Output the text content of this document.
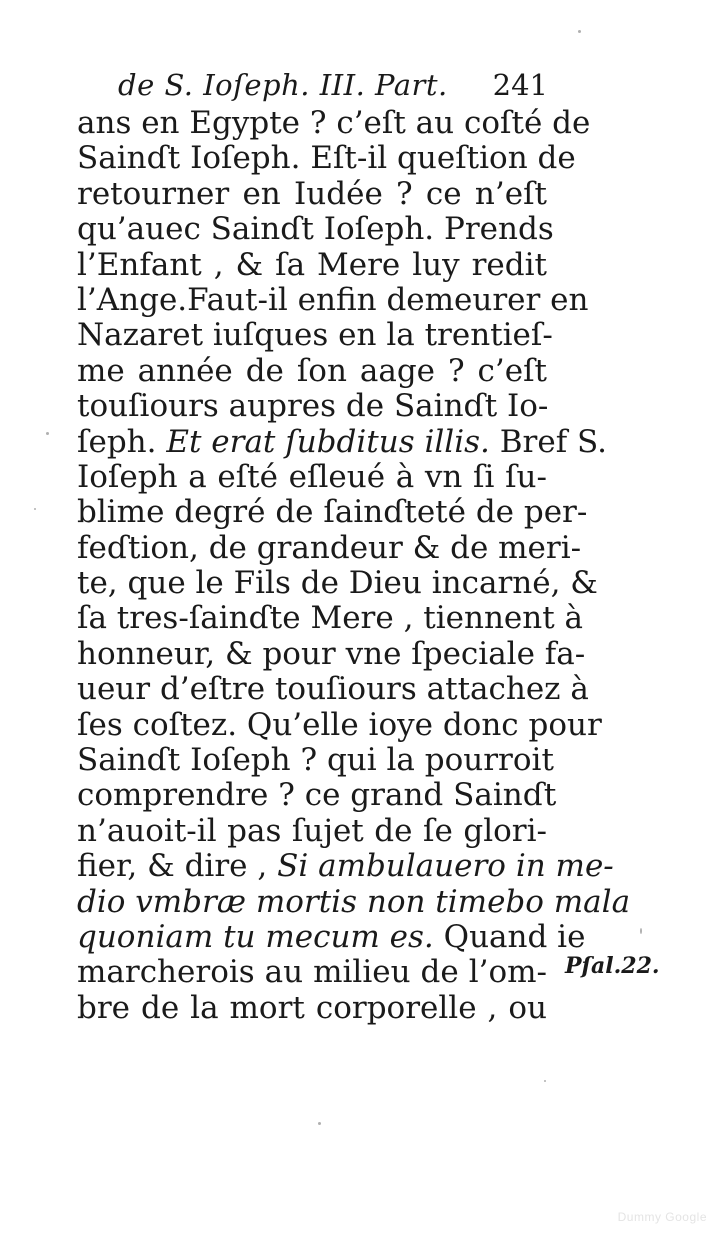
de S. Ioſeph. III. Part. 241
ans en Egypte ? c’eſt au coſté de
Sainɗt Ioſeph. Eſt-il queſtion de
retourner en Iudée ? ce n’eſt
qu’auec Sainɗt Ioſeph. Prends
l’Enfant , & ſa Mere luy redit
l’Ange.Faut-il enfin demeurer en
Nazaret iuſques en la trentieſ-
me année de ſon aage ? c’eſt
touſiours aupres de Sainɗt Io-
ſeph. Et erat ſubditus illis. Bref S.
Ioſeph a eſté eſleué à vn ſi ſu-
blime degré de ſainɗteté de per-
feɗtion, de grandeur & de meri-
te, que le Fils de Dieu incarné, &
ſa tres-ſainɗte Mere , tiennent à
honneur, & pour vne ſpeciale fa-
ueur d’eſtre touſiours attachez à
ſes coſtez. Qu’elle ioye donc pour
Sainɗt Ioſeph ? qui la pourroit
comprendre ? ce grand Sainɗt
n’auoit-il pas ſujet de ſe glori-
fier, & dire , Si ambulauero in me-
dio vmbræ mortis non timebo mala
quoniam tu mecum es. Quand ie
marcherois au milieu de l’om-
bre de la mort corporelle , ou
Pſal.22.
Dummy Google
